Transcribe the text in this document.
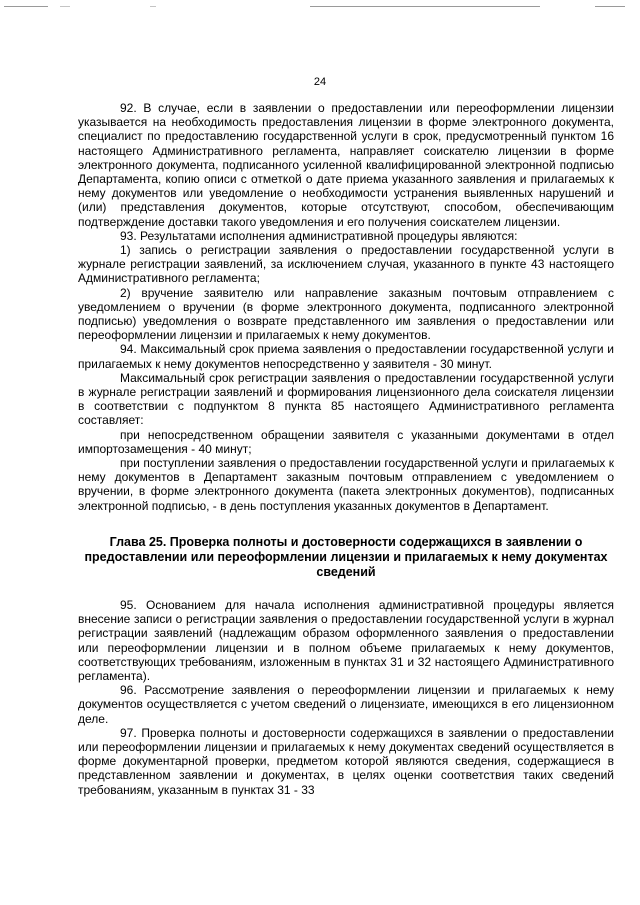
24

92. В случае, если в заявлении о предоставлении или переоформлении лицензии указывается на необходимость предоставления лицензии в форме электронного документа, специалист по предоставлению государственной услуги в срок, предусмотренный пунктом 16 настоящего Административного регламента, направляет соискателю лицензии в форме электронного документа, подписанного усиленной квалифицированной электронной подписью Департамента, копию описи с отметкой о дате приема указанного заявления и прилагаемых к нему документов или уведомление о необходимости устранения выявленных нарушений и (или) представления документов, которые отсутствуют, способом, обеспечивающим подтверждение доставки такого уведомления и его получения соискателем лицензии.

93. Результатами исполнения административной процедуры являются:

1) запись о регистрации заявления о предоставлении государственной услуги в журнале регистрации заявлений, за исключением случая, указанного в пункте 43 настоящего Административного регламента;

2) вручение заявителю или направление заказным почтовым отправлением с уведомлением о вручении (в форме электронного документа, подписанного электронной подписью) уведомления о возврате представленного им заявления о предоставлении или переоформлении лицензии и прилагаемых к нему документов.

94. Максимальный срок приема заявления о предоставлении государственной услуги и прилагаемых к нему документов непосредственно у заявителя - 30 минут.

Максимальный срок регистрации заявления о предоставлении государственной услуги в журнале регистрации заявлений и формирования лицензионного дела соискателя лицензии в соответствии с подпунктом 8 пункта 85 настоящего Административного регламента составляет:

при непосредственном обращении заявителя с указанными документами в отдел импортозамещения - 40 минут;

при поступлении заявления о предоставлении государственной услуги и прилагаемых к нему документов в Департамент заказным почтовым отправлением с уведомлением о вручении, в форме электронного документа (пакета электронных документов), подписанных электронной подписью, - в день поступления указанных документов в Департамент.

Глава 25. Проверка полноты и достоверности содержащихся в заявлении о предоставлении или переоформлении лицензии и прилагаемых к нему документах сведений

95. Основанием для начала исполнения административной процедуры является внесение записи о регистрации заявления о предоставлении государственной услуги в журнал регистрации заявлений (надлежащим образом оформленного заявления о предоставлении или переоформлении лицензии и в полном объеме прилагаемых к нему документов, соответствующих требованиям, изложенным в пунктах 31 и 32 настоящего Административного регламента).

96. Рассмотрение заявления о переоформлении лицензии и прилагаемых к нему документов осуществляется с учетом сведений о лицензиате, имеющихся в его лицензионном деле.

97. Проверка полноты и достоверности содержащихся в заявлении о предоставлении или переоформлении лицензии и прилагаемых к нему документах сведений осуществляется в форме документарной проверки, предметом которой являются сведения, содержащиеся в представленном заявлении и документах, в целях оценки соответствия таких сведений требованиям, указанным в пунктах 31 - 33
